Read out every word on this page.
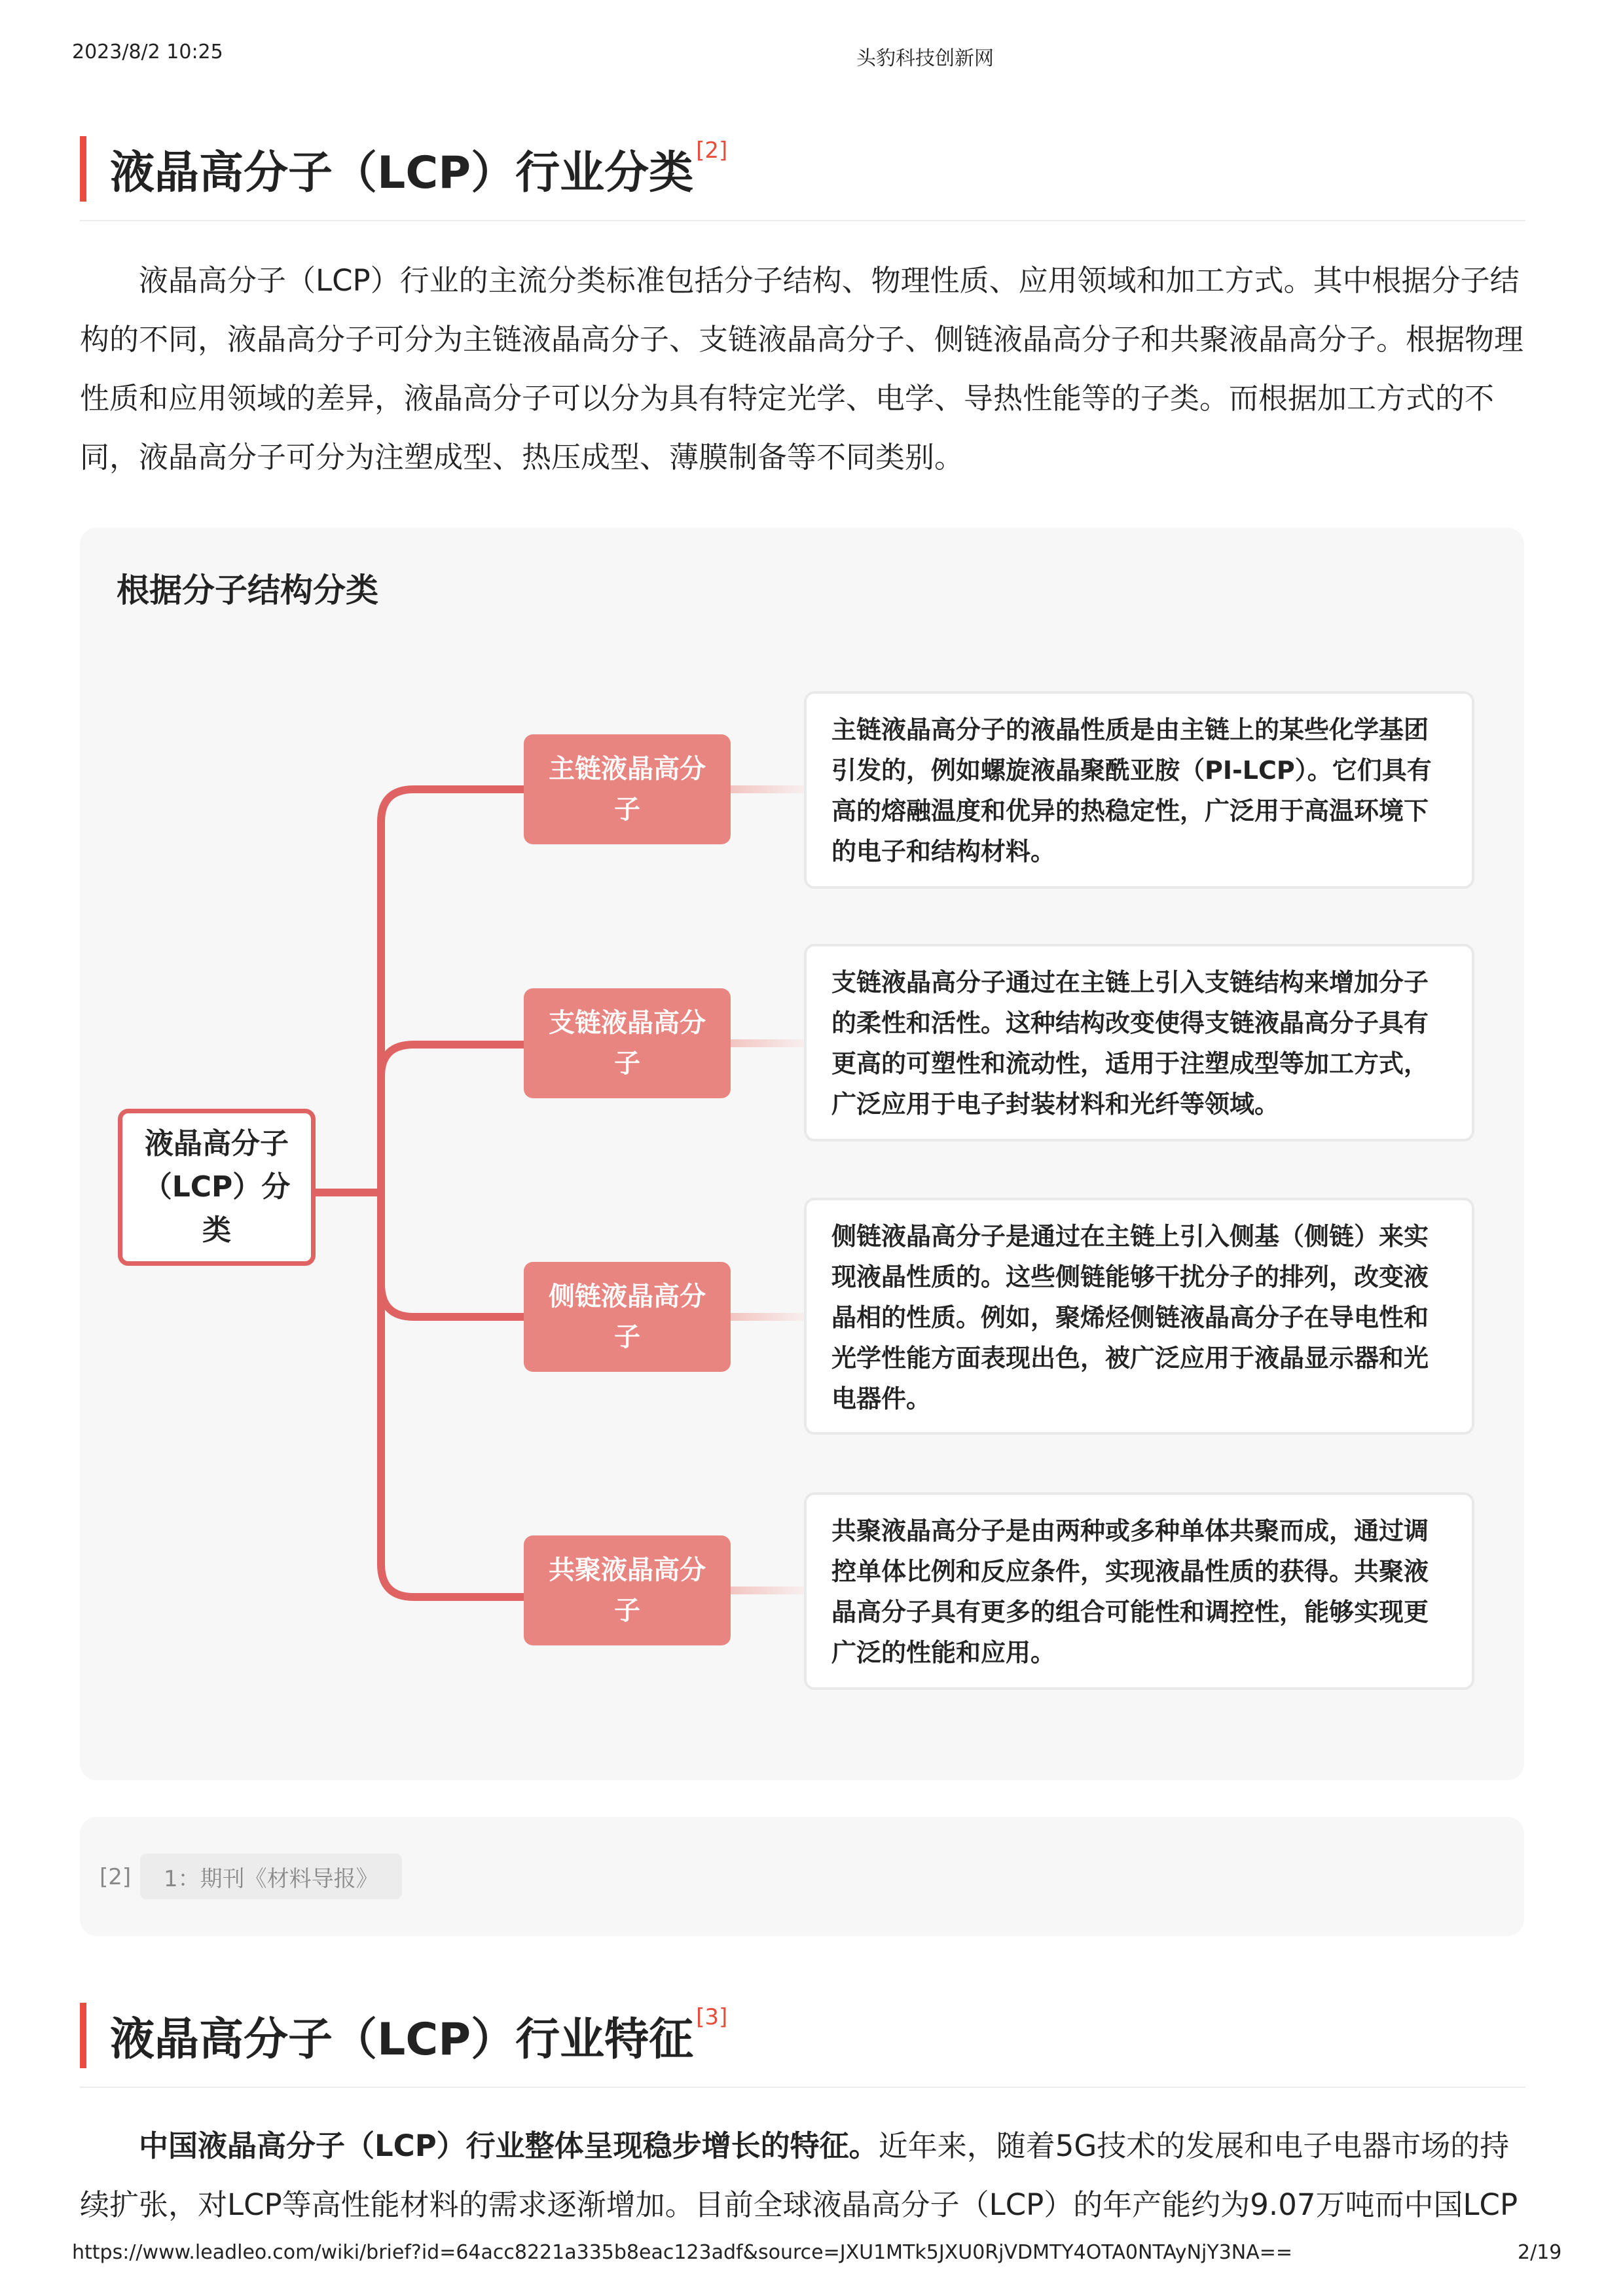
2023/8/2 10:25	头豹科技创新网
液晶高分子（LCP）行业分类[2]
液晶高分子（LCP）行业的主流分类标准包括分子结构、物理性质、应用领域和加工方式。其中根据分子结构的不同，液晶高分子可分为主链液晶高分子、支链液晶高分子、侧链液晶高分子和共聚液晶高分子。根据物理性质和应用领域的差异，液晶高分子可以分为具有特定光学、电学、导热性能等的子类。而根据加工方式的不同，液晶高分子可分为注塑成型、热压成型、薄膜制备等不同类别。
根据分子结构分类
液晶高分子（LCP）分类
主链液晶高分子
主链液晶高分子的液晶性质是由主链上的某些化学基团引发的，例如螺旋液晶聚酰亚胺（PI-LCP）。它们具有高的熔融温度和优异的热稳定性，广泛用于高温环境下的电子和结构材料。
支链液晶高分子
支链液晶高分子通过在主链上引入支链结构来增加分子的柔性和活性。这种结构改变使得支链液晶高分子具有更高的可塑性和流动性，适用于注塑成型等加工方式，广泛应用于电子封装材料和光纤等领域。
侧链液晶高分子
侧链液晶高分子是通过在主链上引入侧基（侧链）来实现液晶性质的。这些侧链能够干扰分子的排列，改变液晶相的性质。例如，聚烯烃侧链液晶高分子在导电性和光学性能方面表现出色，被广泛应用于液晶显示器和光电器件。
共聚液晶高分子
共聚液晶高分子是由两种或多种单体共聚而成，通过调控单体比例和反应条件，实现液晶性质的获得。共聚液晶高分子具有更多的组合可能性和调控性，能够实现更广泛的性能和应用。
[2]	1：期刊《材料导报》
液晶高分子（LCP）行业特征[3]
中国液晶高分子（LCP）行业整体呈现稳步增长的特征。近年来，随着5G技术的发展和电子电器市场的持续扩张，对LCP等高性能材料的需求逐渐增加。目前全球液晶高分子（LCP）的年产能约为9.07万吨而中国LCP
https://www.leadleo.com/wiki/brief?id=64acc8221a335b8eac123adf&source=JXU1MTk5JXU0RjVDMTY4OTA0NTAyNjY3NA==	2/19
